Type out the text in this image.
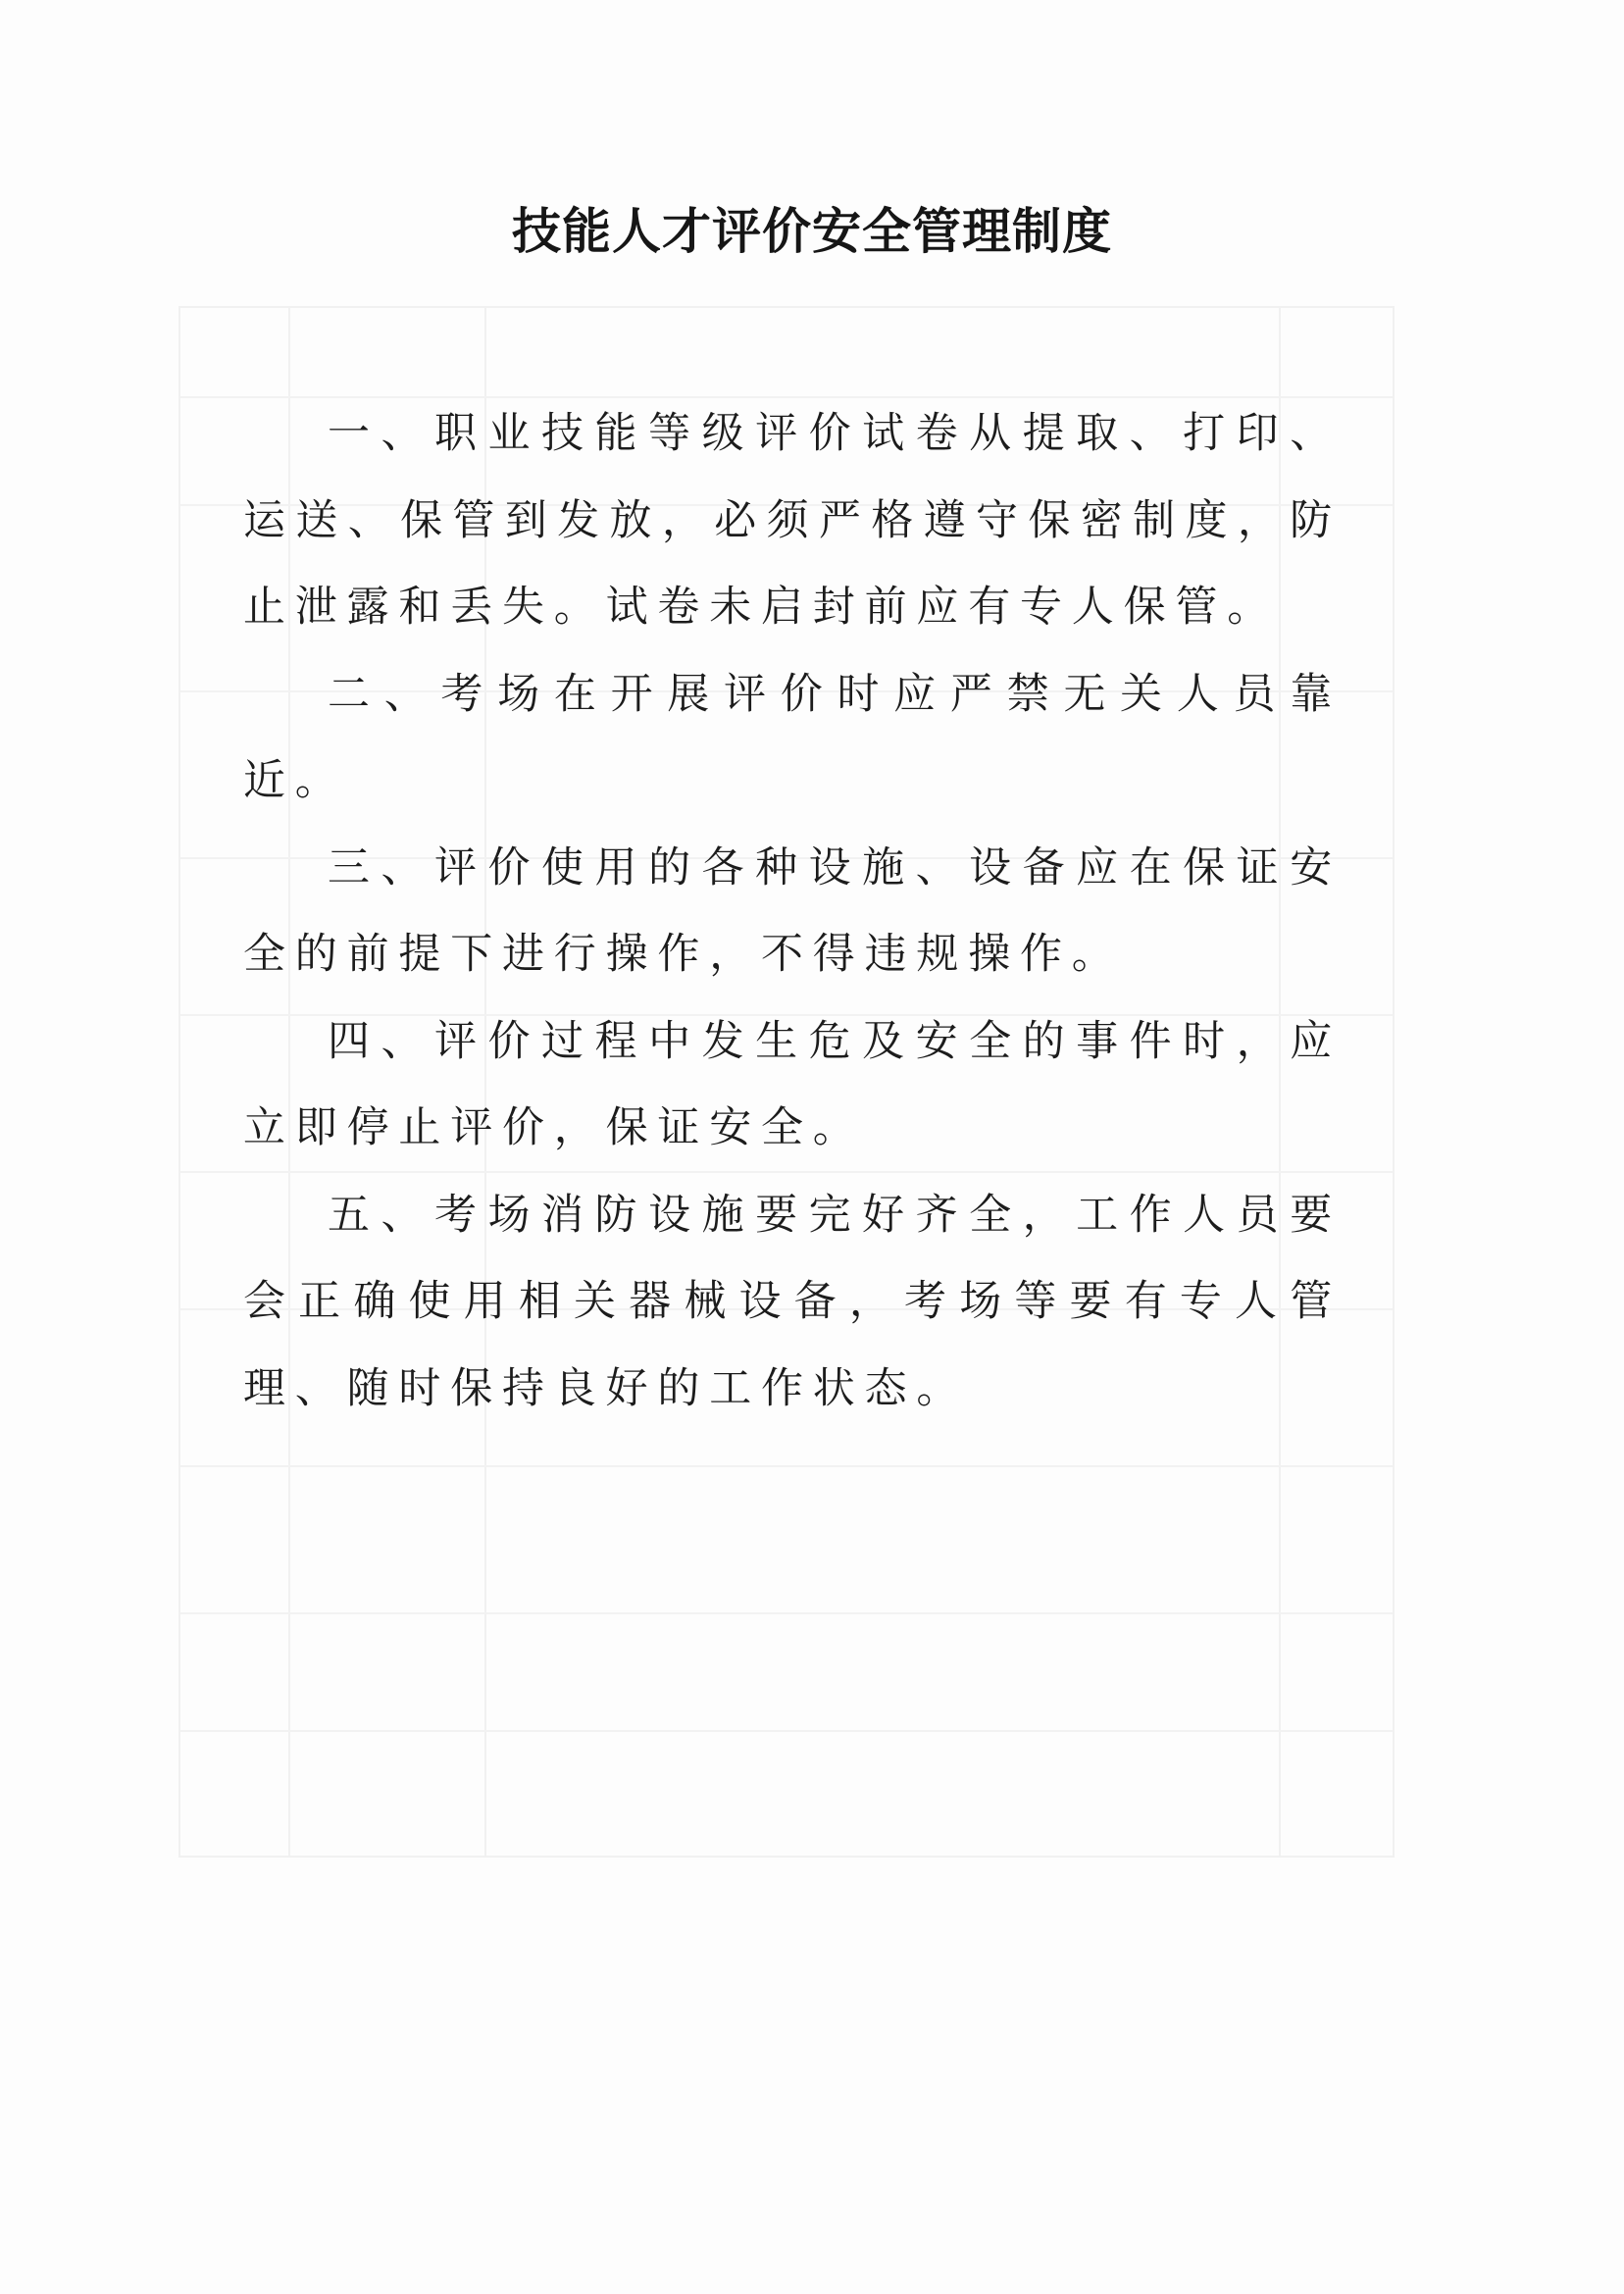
技能人才评价安全管理制度

一、职业技能等级评价试卷从提取、打印、运送、保管到发放，必须严格遵守保密制度，防止泄露和丢失。试卷未启封前应有专人保管。

二、考场在开展评价时应严禁无关人员靠近。

三、评价使用的各种设施、设备应在保证安全的前提下进行操作，不得违规操作。

四、评价过程中发生危及安全的事件时，应立即停止评价，保证安全。

五、考场消防设施要完好齐全，工作人员要会正确使用相关器械设备，考场等要有专人管理、随时保持良好的工作状态。
